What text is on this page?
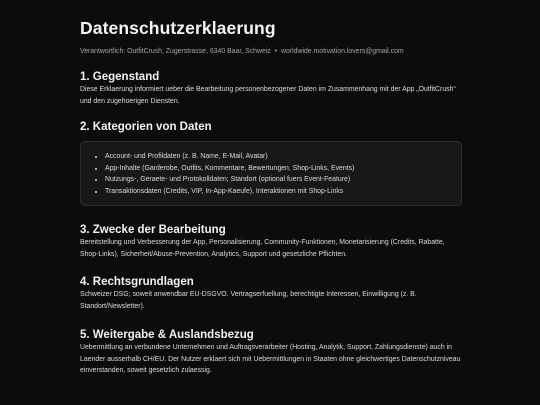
Datenschutzerklaerung
Verantwortlich: OutfitCrush, Zugerstrasse, 6340 Baar, Schweiz • worldwide.motivation.lovers@gmail.com
1. Gegenstand

Diese Erklaerung informiert ueber die Bearbeitung personenbezogener Daten im Zusammenhang mit der App „OutfitCrush“ und den zugehoerigen Diensten.

2. Kategorien von Daten
• Account- und Profildaten (z. B. Name, E-Mail, Avatar)
• App-Inhalte (Garderobe, Outfits, Kommentare, Bewertungen, Shop-Links, Events)
• Nutzungs-, Geraete- und Protokolldaten; Standort (optional fuers Event-Feature)
• Transaktionsdaten (Credits, VIP, In-App-Kaeufe), Interaktionen mit Shop-Links
3. Zwecke der Bearbeitung

Bereitstellung und Verbesserung der App, Personalisierung, Community-Funktionen, Monetarisierung (Credits, Rabatte, Shop-Links), Sicherheit/Abuse-Prevention, Analytics, Support und gesetzliche Pflichten.

4. Rechtsgrundlagen

Schweizer DSG; soweit anwendbar EU-DSGVO. Vertragserfuellung, berechtigte Interessen, Einwilligung (z. B. Standort/Newsletter).

5. Weitergabe & Auslandsbezug

Uebermittlung an verbundene Unternehmen und Auftragsverarbeiter (Hosting, Analytik, Support, Zahlungsdienste) auch in Laender ausserhalb CH/EU. Der Nutzer erklaert sich mit Uebermittlungen in Staaten ohne gleichwertiges Datenschutzniveau einverstanden, soweit gesetzlich zulaessig.
